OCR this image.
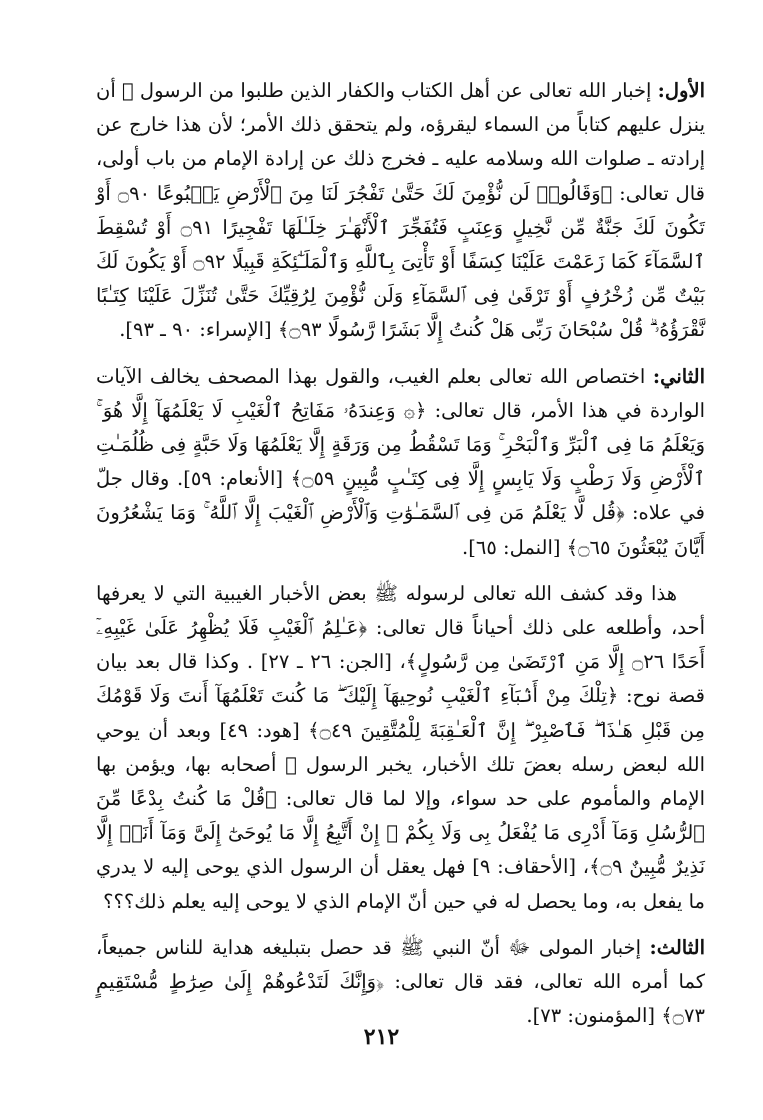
الأول: إخبار الله تعالى عن أهل الكتاب والكفار الذين طلبوا من الرسول ﷺ أن ينزل عليهم كتاباً من السماء ليقرؤه، ولم يتحقق ذلك الأمر؛ لأن هذا خارج عن إرادته ـ صلوات الله وسلامه عليه ـ فخرج ذلك عن إرادة الإمام من باب أولى، قال تعالى: ﴿وَقَالُوا۟ لَن نُّؤْمِنَ لَكَ حَتَّىٰ تَفْجُرَ لَنَا مِنَ ٱلْأَرْضِ يَنۢبُوعًا ۝٩٠ أَوْ تَكُونَ لَكَ جَنَّةٌ مِّن نَّخِيلٍ وَعِنَبٍ فَتُفَجِّرَ ٱلْأَنْهَـٰرَ خِلَـٰلَهَا تَفْجِيرًا ۝٩١ أَوْ تُسْقِطَ ٱلسَّمَآءَ كَمَا زَعَمْتَ عَلَيْنَا كِسَفًا أَوْ تَأْتِىَ بِٱللَّهِ وَٱلْمَلَـٰٓئِكَةِ قَبِيلًا ۝٩٢ أَوْ يَكُونَ لَكَ بَيْتٌ مِّن زُخْرُفٍ أَوْ تَرْقَىٰ فِى ٱلسَّمَآءِ وَلَن نُّؤْمِنَ لِرُقِيِّكَ حَتَّىٰ تُنَزِّلَ عَلَيْنَا كِتَـٰبًا نَّقْرَؤُهُۥ ۗ قُلْ سُبْحَانَ رَبِّى هَلْ كُنتُ إِلَّا بَشَرًا رَّسُولًا ۝٩٣﴾ [الإسراء: ٩٠ ـ ٩٣].

الثاني: اختصاص الله تعالى بعلم الغيب، والقول بهذا المصحف يخالف الآيات الواردة في هذا الأمر، قال تعالى: ﴿۞ وَعِندَهُۥ مَفَاتِحُ ٱلْغَيْبِ لَا يَعْلَمُهَآ إِلَّا هُوَ ۚ وَيَعْلَمُ مَا فِى ٱلْبَرِّ وَٱلْبَحْرِ ۚ وَمَا تَسْقُطُ مِن وَرَقَةٍ إِلَّا يَعْلَمُهَا وَلَا حَبَّةٍ فِى ظُلُمَـٰتِ ٱلْأَرْضِ وَلَا رَطْبٍ وَلَا يَابِسٍ إِلَّا فِى كِتَـٰبٍ مُّبِينٍ ۝٥٩﴾ [الأنعام: ٥٩]. وقال جلّ في علاه: ﴿قُل لَّا يَعْلَمُ مَن فِى ٱلسَّمَـٰوَٰتِ وَٱلْأَرْضِ ٱلْغَيْبَ إِلَّا ٱللَّهُ ۚ وَمَا يَشْعُرُونَ أَيَّانَ يُبْعَثُونَ ۝٦٥﴾ [النمل: ٦٥].

هذا وقد كشف الله تعالى لرسوله ﷺ بعض الأخبار الغيبية التي لا يعرفها أحد، وأطلعه على ذلك أحياناً قال تعالى: ﴿عَـٰلِمُ ٱلْغَيْبِ فَلَا يُظْهِرُ عَلَىٰ غَيْبِهِۦٓ أَحَدًا ۝٢٦ إِلَّا مَنِ ٱرْتَضَىٰ مِن رَّسُولٍ﴾، [الجن: ٢٦ ـ ٢٧] . وكذا قال بعد بيان قصة نوح: ﴿تِلْكَ مِنْ أَنۢبَآءِ ٱلْغَيْبِ نُوحِيهَآ إِلَيْكَ ۖ مَا كُنتَ تَعْلَمُهَآ أَنتَ وَلَا قَوْمُكَ مِن قَبْلِ هَـٰذَا ۖ فَٱصْبِرْ ۖ إِنَّ ٱلْعَـٰقِبَةَ لِلْمُتَّقِينَ ۝٤٩﴾ [هود: ٤٩] وبعد أن يوحي الله لبعض رسله بعضَ تلك الأخبار، يخبر الرسول ﷺ أصحابه بها، ويؤمن بها الإمام والمأموم على حد سواء، وإلا لما قال تعالى: ﴿قُلْ مَا كُنتُ بِدْعًا مِّنَ ٱلرُّسُلِ وَمَآ أَدْرِى مَا يُفْعَلُ بِى وَلَا بِكُمْ ۖ إِنْ أَتَّبِعُ إِلَّا مَا يُوحَىٰٓ إِلَىَّ وَمَآ أَنَا۠ إِلَّا نَذِيرٌ مُّبِينٌ ۝٩﴾، [الأحقاف: ٩] فهل يعقل أن الرسول الذي يوحى إليه لا يدري ما يفعل به، وما يحصل له في حين أنّ الإمام الذي لا يوحى إليه يعلم ذلك؟؟؟

الثالث: إخبار المولى ﷻ أنّ النبي ﷺ قد حصل بتبليغه هداية للناس جميعاً، كما أمره الله تعالى، فقد قال تعالى: ﴿وَإِنَّكَ لَتَدْعُوهُمْ إِلَىٰ صِرَٰطٍ مُّسْتَقِيمٍ ۝٧٣﴾ [المؤمنون: ٧٣].

٢١٢
